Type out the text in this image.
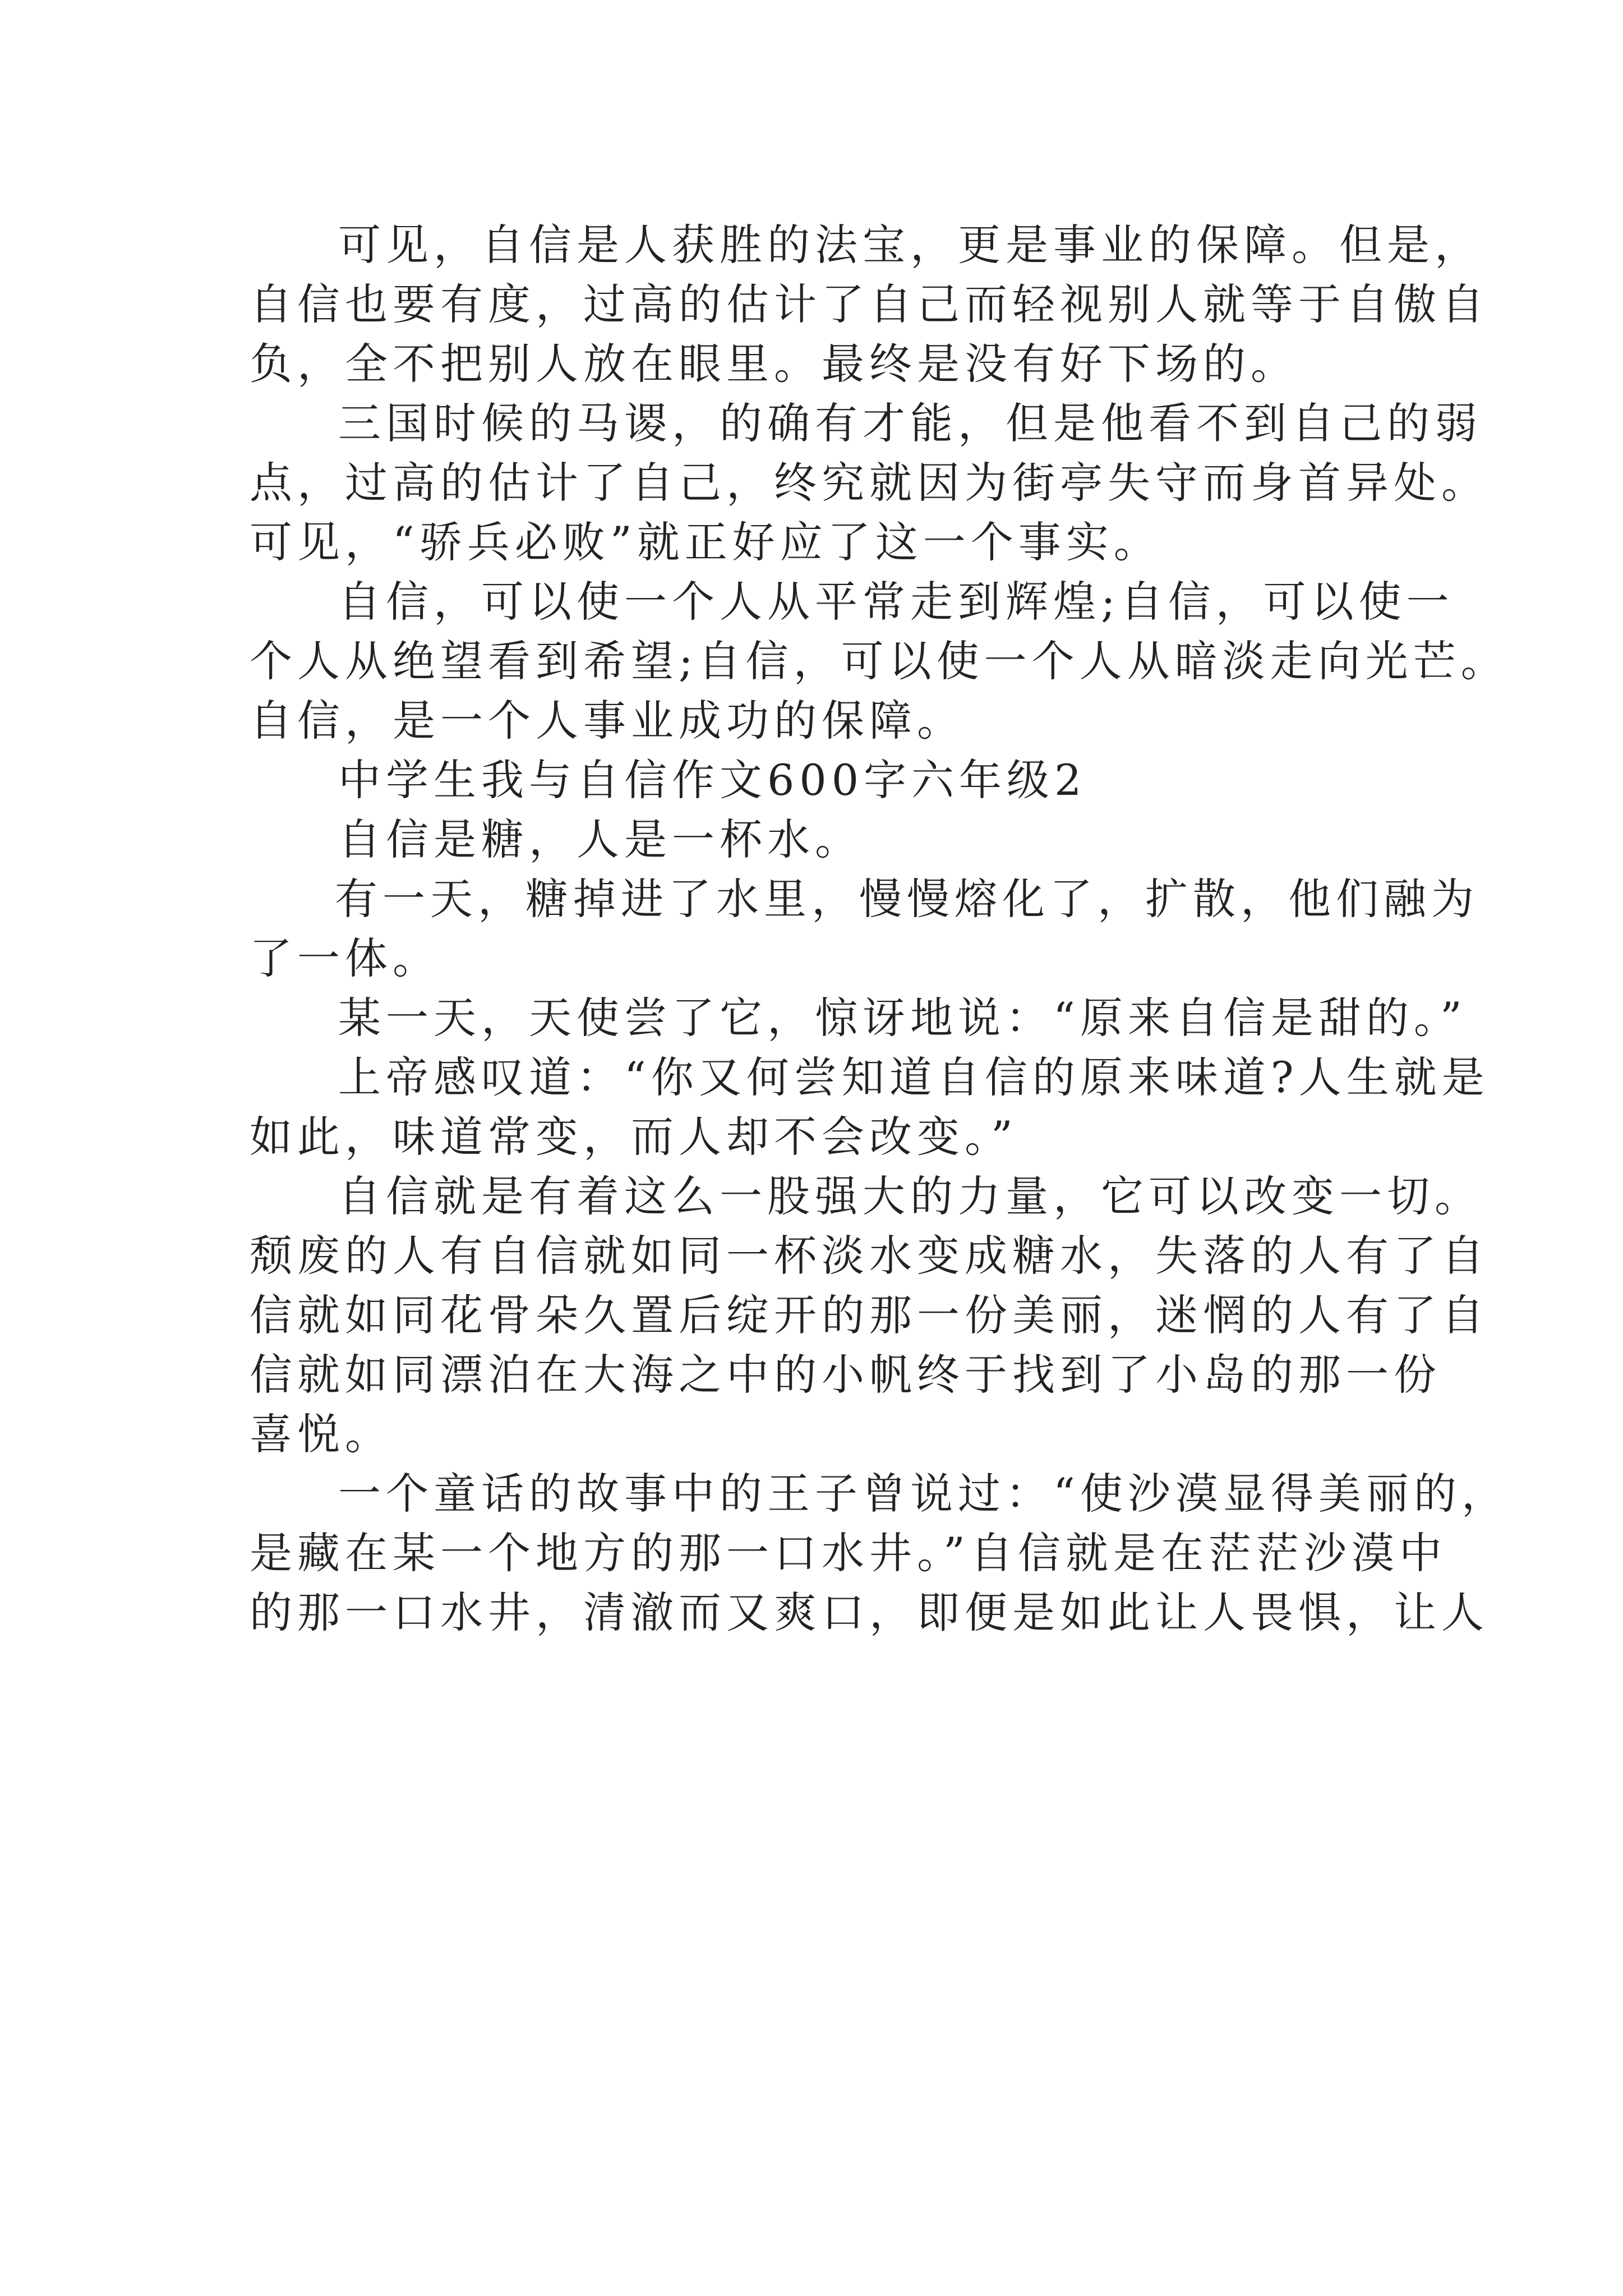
可见，自信是人获胜的法宝，更是事业的保障。但是，
自信也要有度，过高的估计了自己而轻视别人就等于自傲自
负，全不把别人放在眼里。最终是没有好下场的。
三国时候的马谡，的确有才能，但是他看不到自己的弱
点，过高的估计了自己，终究就因为街亭失守而身首异处。
可见，“骄兵必败”就正好应了这一个事实。
自信，可以使一个人从平常走到辉煌;自信，可以使一
个人从绝望看到希望;自信，可以使一个人从暗淡走向光芒。
自信，是一个人事业成功的保障。
中学生我与自信作文600字六年级2
自信是糖，人是一杯水。
有一天，糖掉进了水里，慢慢熔化了，扩散，他们融为
了一体。
某一天，天使尝了它，惊讶地说：“原来自信是甜的。”
上帝感叹道：“你又何尝知道自信的原来味道?人生就是
如此，味道常变，而人却不会改变。”
自信就是有着这么一股强大的力量，它可以改变一切。
颓废的人有自信就如同一杯淡水变成糖水，失落的人有了自
信就如同花骨朵久置后绽开的那一份美丽，迷惘的人有了自
信就如同漂泊在大海之中的小帆终于找到了小岛的那一份
喜悦。
一个童话的故事中的王子曾说过：“使沙漠显得美丽的，
是藏在某一个地方的那一口水井。”自信就是在茫茫沙漠中
的那一口水井，清澈而又爽口，即便是如此让人畏惧，让人
